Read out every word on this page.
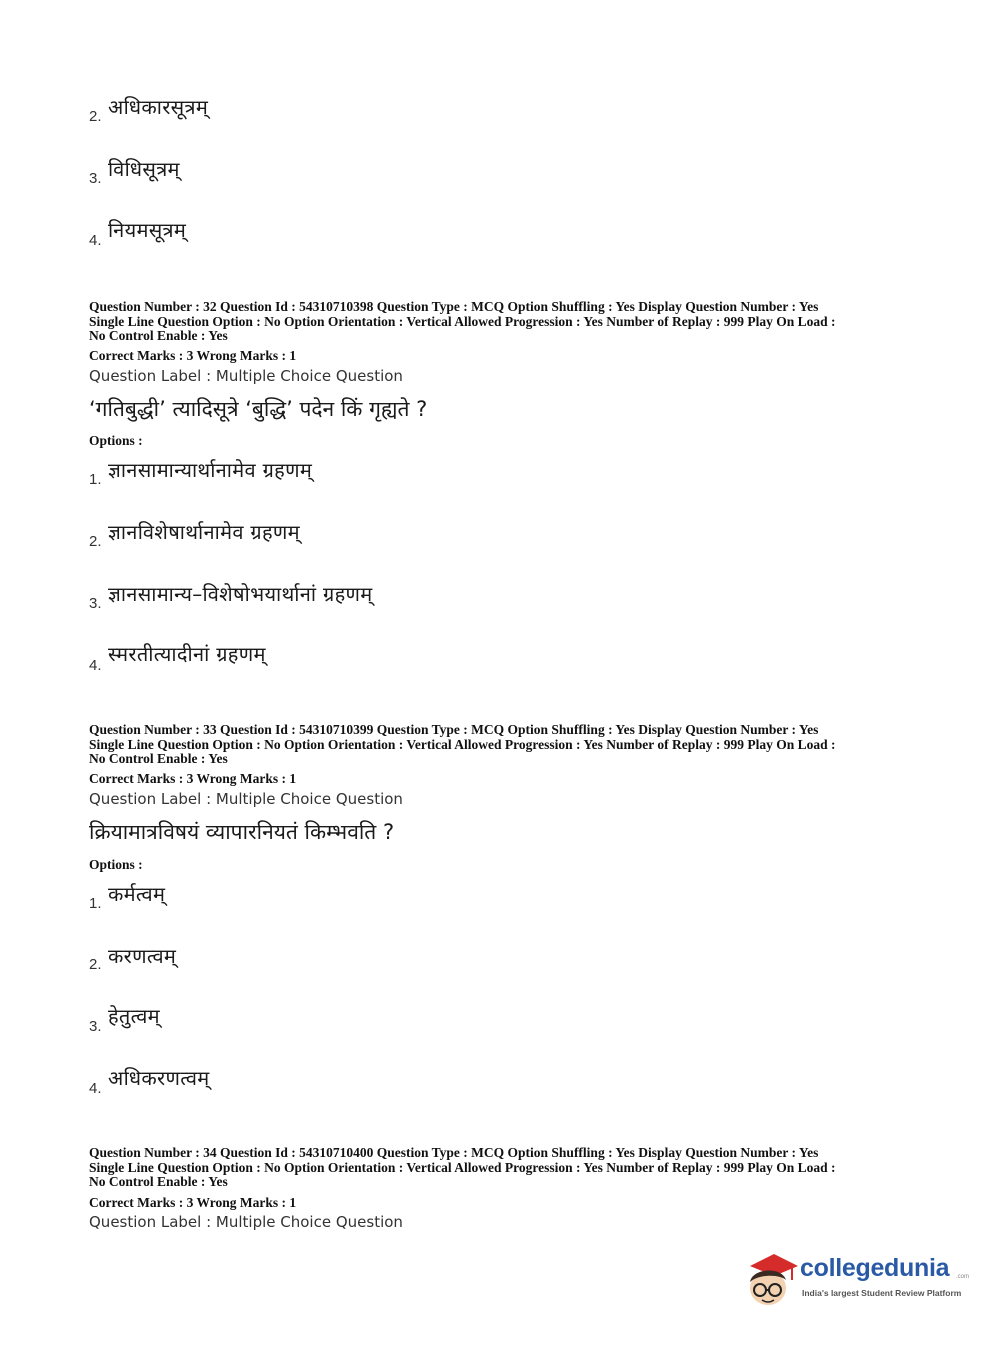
2. अधिकारसूत्रम्
3. विधिसूत्रम्
4. नियमसूत्रम्
Question Number : 32 Question Id : 54310710398 Question Type : MCQ Option Shuffling : Yes Display Question Number : Yes
Single Line Question Option : No Option Orientation : Vertical Allowed Progression : Yes Number of Replay : 999 Play On Load :
No Control Enable : Yes
Correct Marks : 3 Wrong Marks : 1
Question Label : Multiple Choice Question
‘गतिबुद्धी’ त्यादिसूत्रे ‘बुद्धि’ पदेन किं गृह्यते ?
Options :
1. ज्ञानसामान्यार्थानामेव ग्रहणम्
2. ज्ञानविशेषार्थानामेव ग्रहणम्
3. ज्ञानसामान्य–विशेषोभयार्थानां ग्रहणम्
4. स्मरतीत्यादीनां ग्रहणम्
Question Number : 33 Question Id : 54310710399 Question Type : MCQ Option Shuffling : Yes Display Question Number : Yes
Single Line Question Option : No Option Orientation : Vertical Allowed Progression : Yes Number of Replay : 999 Play On Load :
No Control Enable : Yes
Correct Marks : 3 Wrong Marks : 1
Question Label : Multiple Choice Question
क्रियामात्रविषयं व्यापारनियतं किम्भवति ?
Options :
1. कर्मत्वम्
2. करणत्वम्
3. हेतुत्वम्
4. अधिकरणत्वम्
Question Number : 34 Question Id : 54310710400 Question Type : MCQ Option Shuffling : Yes Display Question Number : Yes
Single Line Question Option : No Option Orientation : Vertical Allowed Progression : Yes Number of Replay : 999 Play On Load :
No Control Enable : Yes
Correct Marks : 3 Wrong Marks : 1
Question Label : Multiple Choice Question
collegedunia .com
India's largest Student Review Platform
